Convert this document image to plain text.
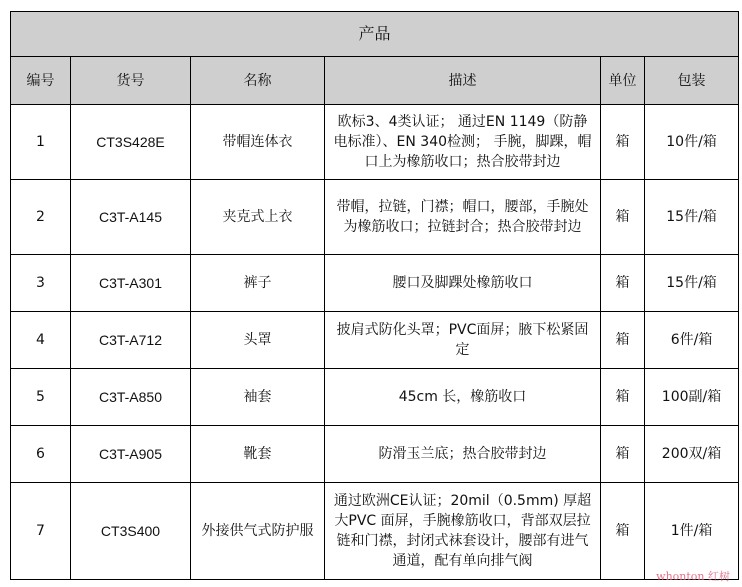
产品					
编号	货号	名称	描述	单位	包装
1	CT3S428E	带帽连体衣	欧标3、4类认证； 通过EN 1149（防静电标准）、EN 340检测； 手腕，脚踝，帽口上为橡筋收口；热合胶带封边	箱	10件/箱
2	C3T-A145	夹克式上衣	带帽，拉链，门襟；帽口，腰部，手腕处为橡筋收口；拉链封合；热合胶带封边	箱	15件/箱
3	C3T-A301	裤子	腰口及脚踝处橡筋收口	箱	15件/箱
4	C3T-A712	头罩	披肩式防化头罩；PVC面屏；腋下松紧固定	箱	6件/箱
5	C3T-A850	袖套	45cm 长，橡筋收口	箱	100副/箱
6	C3T-A905	靴套	防滑玉兰底；热合胶带封边	箱	200双/箱
7	CT3S400	外接供气式防护服	通过欧洲CE认证；20mil（0.5mm) 厚超大PVC 面屏，手腕橡筋收口，背部双层拉链和门襟，封闭式袜套设计，腰部有进气通道，配有单向排气阀	箱	1件/箱
whonton 红树
